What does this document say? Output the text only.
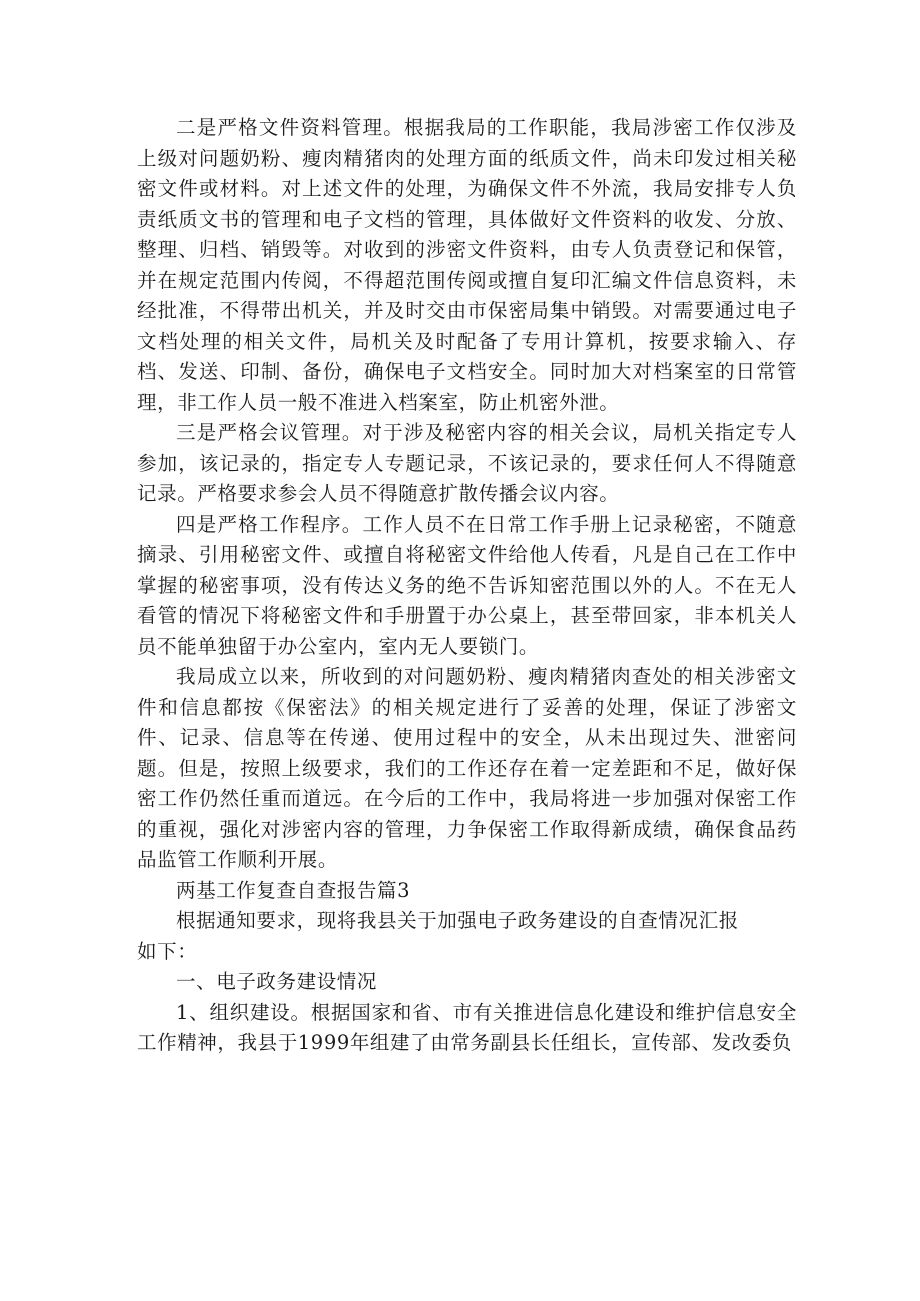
二是严格文件资料管理。根据我局的工作职能，我局涉密工作仅涉及上级对问题奶粉、瘦肉精猪肉的处理方面的纸质文件，尚未印发过相关秘密文件或材料。对上述文件的处理，为确保文件不外流，我局安排专人负责纸质文书的管理和电子文档的管理，具体做好文件资料的收发、分放、整理、归档、销毁等。对收到的涉密文件资料，由专人负责登记和保管，并在规定范围内传阅，不得超范围传阅或擅自复印汇编文件信息资料，未经批准，不得带出机关，并及时交由市保密局集中销毁。对需要通过电子文档处理的相关文件，局机关及时配备了专用计算机，按要求输入、存档、发送、印制、备份，确保电子文档安全。同时加大对档案室的日常管理，非工作人员一般不准进入档案室，防止机密外泄。

三是严格会议管理。对于涉及秘密内容的相关会议，局机关指定专人参加，该记录的，指定专人专题记录，不该记录的，要求任何人不得随意记录。严格要求参会人员不得随意扩散传播会议内容。

四是严格工作程序。工作人员不在日常工作手册上记录秘密，不随意摘录、引用秘密文件、或擅自将秘密文件给他人传看，凡是自己在工作中掌握的秘密事项，没有传达义务的绝不告诉知密范围以外的人。不在无人看管的情况下将秘密文件和手册置于办公桌上，甚至带回家，非本机关人员不能单独留于办公室内，室内无人要锁门。

我局成立以来，所收到的对问题奶粉、瘦肉精猪肉查处的相关涉密文件和信息都按《保密法》的相关规定进行了妥善的处理，保证了涉密文件、记录、信息等在传递、使用过程中的安全，从未出现过失、泄密问题。但是，按照上级要求，我们的工作还存在着一定差距和不足，做好保密工作仍然任重而道远。在今后的工作中，我局将进一步加强对保密工作的重视，强化对涉密内容的管理，力争保密工作取得新成绩，确保食品药品监管工作顺利开展。

两基工作复查自查报告篇3

根据通知要求，现将我县关于加强电子政务建设的自查情况汇报

如下：

一、电子政务建设情况

1、组织建设。根据国家和省、市有关推进信息化建设和维护信息安全工作精神，我县于1999年组建了由常务副县长任组长，宣传部、发改委负
